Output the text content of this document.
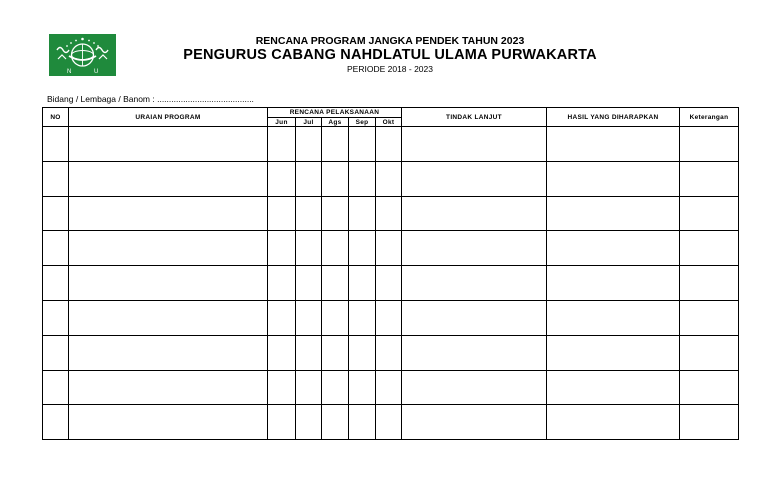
N	U
RENCANA PROGRAM JANGKA PENDEK TAHUN 2023
PENGURUS CABANG NAHDLATUL ULAMA PURWAKARTA
PERIODE 2018 - 2023
Bidang / Lembaga / Banom : .........................................
NO	URAIAN PROGRAM	RENCANA PELAKSANAAN					TINDAK LANJUT	HASIL YANG DIHARAPKAN	Keterangan
		Jun	Jul	Ags	Sep	Okt			
